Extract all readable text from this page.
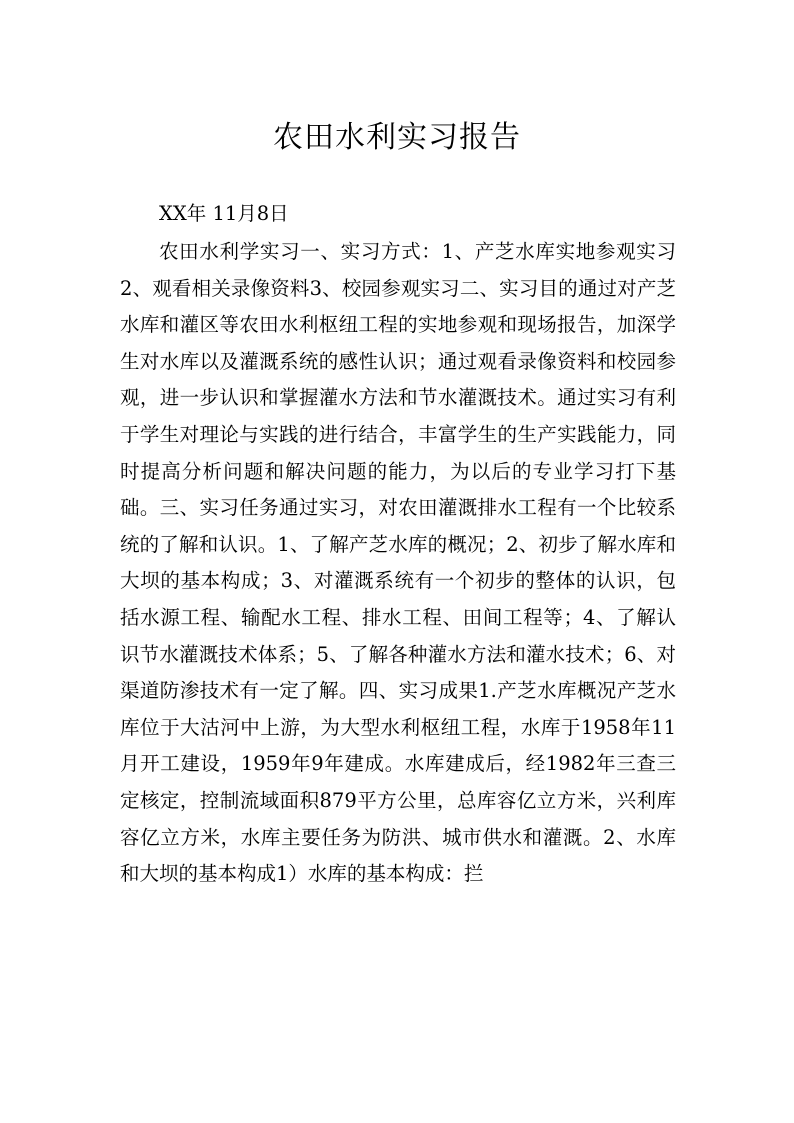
农田水利实习报告
XX年 11月8日
农田水利学实习一、实习方式：1、产芝水库实地参观实习2、观看相关录像资料3、校园参观实习二、实习目的通过对产芝水库和灌区等农田水利枢纽工程的实地参观和现场报告，加深学生对水库以及灌溉系统的感性认识；通过观看录像资料和校园参观，进一步认识和掌握灌水方法和节水灌溉技术。通过实习有利于学生对理论与实践的进行结合，丰富学生的生产实践能力，同时提高分析问题和解决问题的能力，为以后的专业学习打下基础。三、实习任务通过实习，对农田灌溉排水工程有一个比较系统的了解和认识。1、了解产芝水库的概况；2、初步了解水库和大坝的基本构成；3、对灌溉系统有一个初步的整体的认识，包括水源工程、输配水工程、排水工程、田间工程等；4、了解认识节水灌溉技术体系；5、了解各种灌水方法和灌水技术；6、对渠道防渗技术有一定了解。四、实习成果1.产芝水库概况产芝水库位于大沽河中上游，为大型水利枢纽工程，水库于1958年11月开工建设，1959年9年建成。水库建成后，经1982年三查三定核定，控制流域面积879平方公里，总库容亿立方米，兴利库容亿立方米，水库主要任务为防洪、城市供水和灌溉。2、水库和大坝的基本构成1）水库的基本构成：拦
